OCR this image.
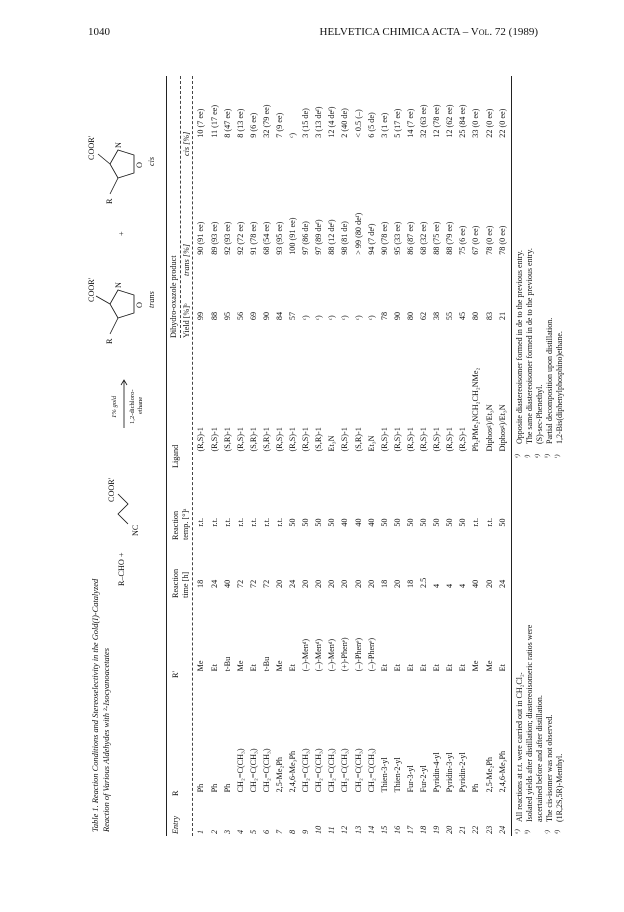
1040	HELVETICA CHIMICA ACTA – Vol. 72 (1989)
Table 1. Reaction Conditions and Stereoselectivity in the Gold(I)-Catalyzed Reaction of Various Aldehydes with ²-Isocyanoacetates
R–CHO +
COOR'
NC
1% gold 1,2-dichloro- ethane
R
COOR' N
O trans
+
R
COOR' N
O cis
Entry
R
R'
Reaction time [h]
Reaction temp. [°]ᵃ
Ligand
Dihydro-oxazole product Yield [%]ᵇ
trans [%]
cis [%]
1	Ph	Me	18	r.t.	(R,S)-1	99	90 (91 ee)	10 (7 ee)
2	Ph	Et	24	r.t.	(R,S)-1	88	89 (93 ee)	11 (17 ee)
3	Ph	t-Bu	40	r.t.	(S,R)-1	95	92 (93 ee)	8 (47 ee)
4	CH₂=C(CH₃)	Me	72	r.t.	(R,S)-1	56	92 (72 ee)	8 (13 ee)
5	CH₂=C(CH₃)	Et	72	r.t.	(S,R)-1	69	91 (78 ee)	9 (6 ee)
6	CH₂=C(CH₃)	t-Bu	72	r.t.	(S,R)-1	90	68 (54 ee)	32 (79 ee)
7	2,5-Me₂Ph	Me	20	r.t.	(R,S)-1	84	93 (95 ee)	7 (9 ee)
8	2,4,6-Me₃Ph	Et	24	50	(R,S)-1	57	100 (91 ee)	ᶜ)
9	CH₂=C(CH₃)	(–)-Menᵈ)	20	50	(R,S)-1	ᶜ)	97 (86 de)	3 (15 de)
10	CH₂=C(CH₃)	(–)-Menᵈ)	20	50	(S,R)-1	ᶜ)	97 (89 deᶠ)	3 (13 deᶠ)
11	CH₂=C(CH₃)	(–)-Menᵈ)	20	50	Et₃N	ᶜ)	88 (12 deᶠ)	12 (4 deᶠ)
12	CH₂=C(CH₃)	(+)-Phenᵉ)	20	40	(R,S)-1	ᶜ)	98 (81 de)	2 (40 de)
13	CH₂=C(CH₃)	(–)-Phenᵉ)	20	40	(S,R)-1	ᶜ)	> 99 (80 deᶠ)	< 0.5 (–)
14	CH₂=C(CH₃)	(–)-Phenᵉ)	20	40	Et₃N	ᶜ)	94 (7 deᶠ)	6 (5 de)
15	Thien-3-yl	Et	18	50	(R,S)-1	78	90 (78 ee)	3 (1 ee)
16	Thien-2-yl	Et	20	50	(R,S)-1	90	95 (33 ee)	5 (17 ee)
17	Fur-3-yl	Et	18	50	(R,S)-1	80	86 (87 ee)	14 (7 ee)
18	Fur-2-yl	Et	2.5	50	(R,S)-1	62	68 (32 ee)	32 (63 ee)
19	Pyridin-4-yl	Et	4	50	(R,S)-1	38	88 (75 ee)	12 (78 ee)
20	Pyridin-3-yl	Et	4	50	(R,S)-1	55	88 (79 ee)	12 (62 ee)
21	Pyridin-2-yl	Et	4	50	(R,S)-1	45	75 (6 ee)	25 (84 ee)
22	Ph	Me	40	r.t.	Ph₂PMe₂NCH₂CH₂NMe₂	80	67 (0 ee)	33 (0 ee)
23	2,5-Me₂Ph	Me	20	r.t.	Diphosᵍ)/Et₃N	83	78 (0 ee)	22 (0 ee)
24	2,4,6-Me₃Ph	Et	24	50	Diphosᵍ)/Et₃N	21	78 (0 ee)	22 (0 ee)
ᵃ)
All reactions at r.t. were carried out in CH₂Cl₂.
ᵇ)
Isolated yields after distillation; diastereoisomeric ratios were ascertained before and after distillation.
ᶜ)
The cis-isomer was not observed.
ᵈ)
(1R,2S,5R)-Menthyl.
ᵉ)
Opposite diastereoisomer formed in de to the previous entry.
ᶠ)
The same diastereoisomer formed in de to the previous entry.
ᵍ)
(S)-sec-Phenethyl.
ʰ)
Partial decomposition upon distillation.
ⁱ)
1,2-Bis(diphenylphosphino)ethane.
